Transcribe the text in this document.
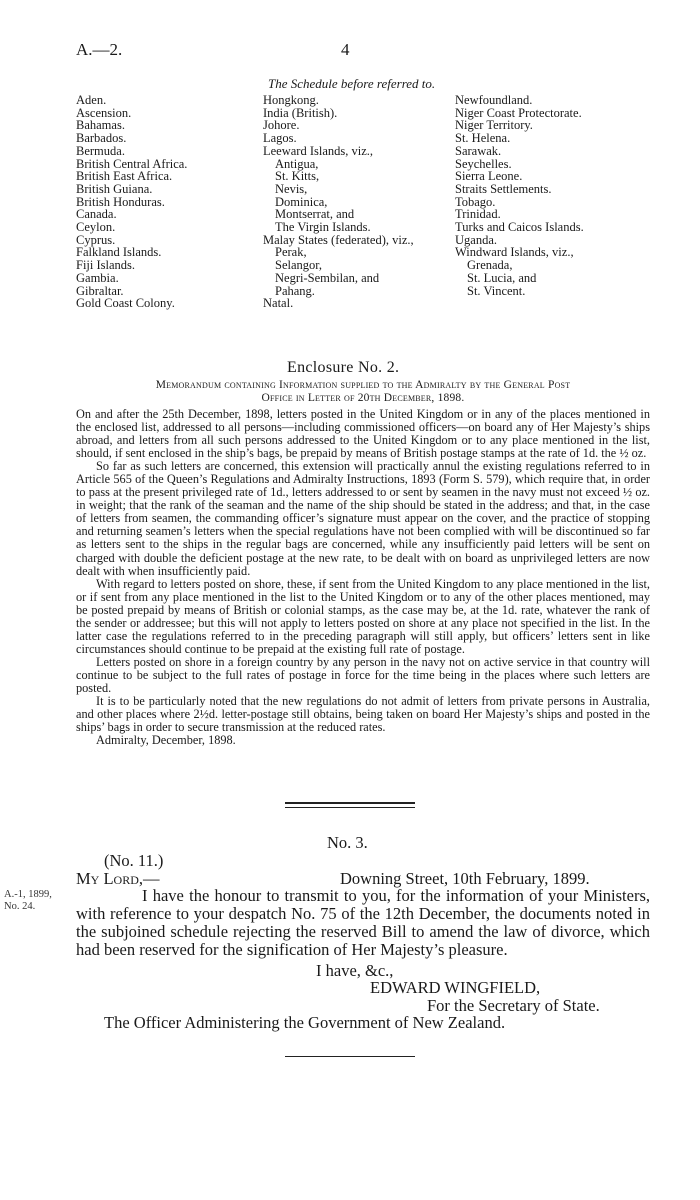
A.—2.	4
The Schedule before referred to.
Aden.
Ascension.
Bahamas.
Barbados.
Bermuda.
British Central Africa.
British East Africa.
British Guiana.
British Honduras.
Canada.
Ceylon.
Cyprus.
Falkland Islands.
Fiji Islands.
Gambia.
Gibraltar.
Gold Coast Colony.
Hongkong.
India (British).
Johore.
Lagos.
Leeward Islands, viz.,
Antigua,
St. Kitts,
Nevis,
Dominica,
Montserrat, and
The Virgin Islands.
Malay States (federated), viz.,
Perak,
Selangor,
Negri-Sembilan, and
Pahang.
Natal.
Newfoundland.
Niger Coast Protectorate.
Niger Territory.
St. Helena.
Sarawak.
Seychelles.
Sierra Leone.
Straits Settlements.
Tobago.
Trinidad.
Turks and Caicos Islands.
Uganda.
Windward Islands, viz.,
Grenada,
St. Lucia, and
St. Vincent.
Enclosure No. 2.
Memorandum containing Information supplied to the Admiralty by the General Post
Office in Letter of 20th December, 1898.

On and after the 25th December, 1898, letters posted in the United Kingdom or in any of the places mentioned in the enclosed list, addressed to all persons—including commissioned officers—on board any of Her Majesty’s ships abroad, and letters from all such persons addressed to the United Kingdom or to any place mentioned in the list, should, if sent enclosed in the ship’s bags, be prepaid by means of British postage stamps at the rate of 1d. the ½ oz.

So far as such letters are concerned, this extension will practically annul the existing regulations referred to in Article 565 of the Queen’s Regulations and Admiralty Instructions, 1893 (Form S. 579), which require that, in order to pass at the present privileged rate of 1d., letters addressed to or sent by seamen in the navy must not exceed ½ oz. in weight; that the rank of the seaman and the name of the ship should be stated in the address; and that, in the case of letters from seamen, the commanding officer’s signature must appear on the cover, and the practice of stopping and returning seamen’s letters when the special regulations have not been complied with will be discontinued so far as letters sent to the ships in the regular bags are concerned, while any insufficiently paid letters will be sent on charged with double the deficient postage at the new rate, to be dealt with on board as unprivileged letters are now dealt with when insufficiently paid.

With regard to letters posted on shore, these, if sent from the United Kingdom to any place mentioned in the list, or if sent from any place mentioned in the list to the United Kingdom or to any of the other places mentioned, may be posted prepaid by means of British or colonial stamps, as the case may be, at the 1d. rate, whatever the rank of the sender or addressee; but this will not apply to letters posted on shore at any place not specified in the list. In the latter case the regulations referred to in the preceding paragraph will still apply, but officers’ letters sent in like circumstances should continue to be prepaid at the existing full rate of postage.

Letters posted on shore in a foreign country by any person in the navy not on active service in that country will continue to be subject to the full rates of postage in force for the time being in the places where such letters are posted.

It is to be particularly noted that the new regulations do not admit of letters from private persons in Australia, and other places where 2½d. letter-postage still obtains, being taken on board Her Majesty’s ships and posted in the ships’ bags in order to secure transmission at the reduced rates.

Admiralty, December, 1898.

No. 3.
(No. 11.)
My Lord,—	Downing Street, 10th February, 1899.
A.-1, 1899,
No. 24.
I have the honour to transmit to you, for the information of your Ministers, with reference to your despatch No. 75 of the 12th December, the documents noted in the subjoined schedule rejecting the reserved Bill to amend the law of divorce, which had been reserved for the signification of Her Majesty’s pleasure.
I have, &c.,
EDWARD WINGFIELD,
For the Secretary of State.
The Officer Administering the Government of New Zealand.
